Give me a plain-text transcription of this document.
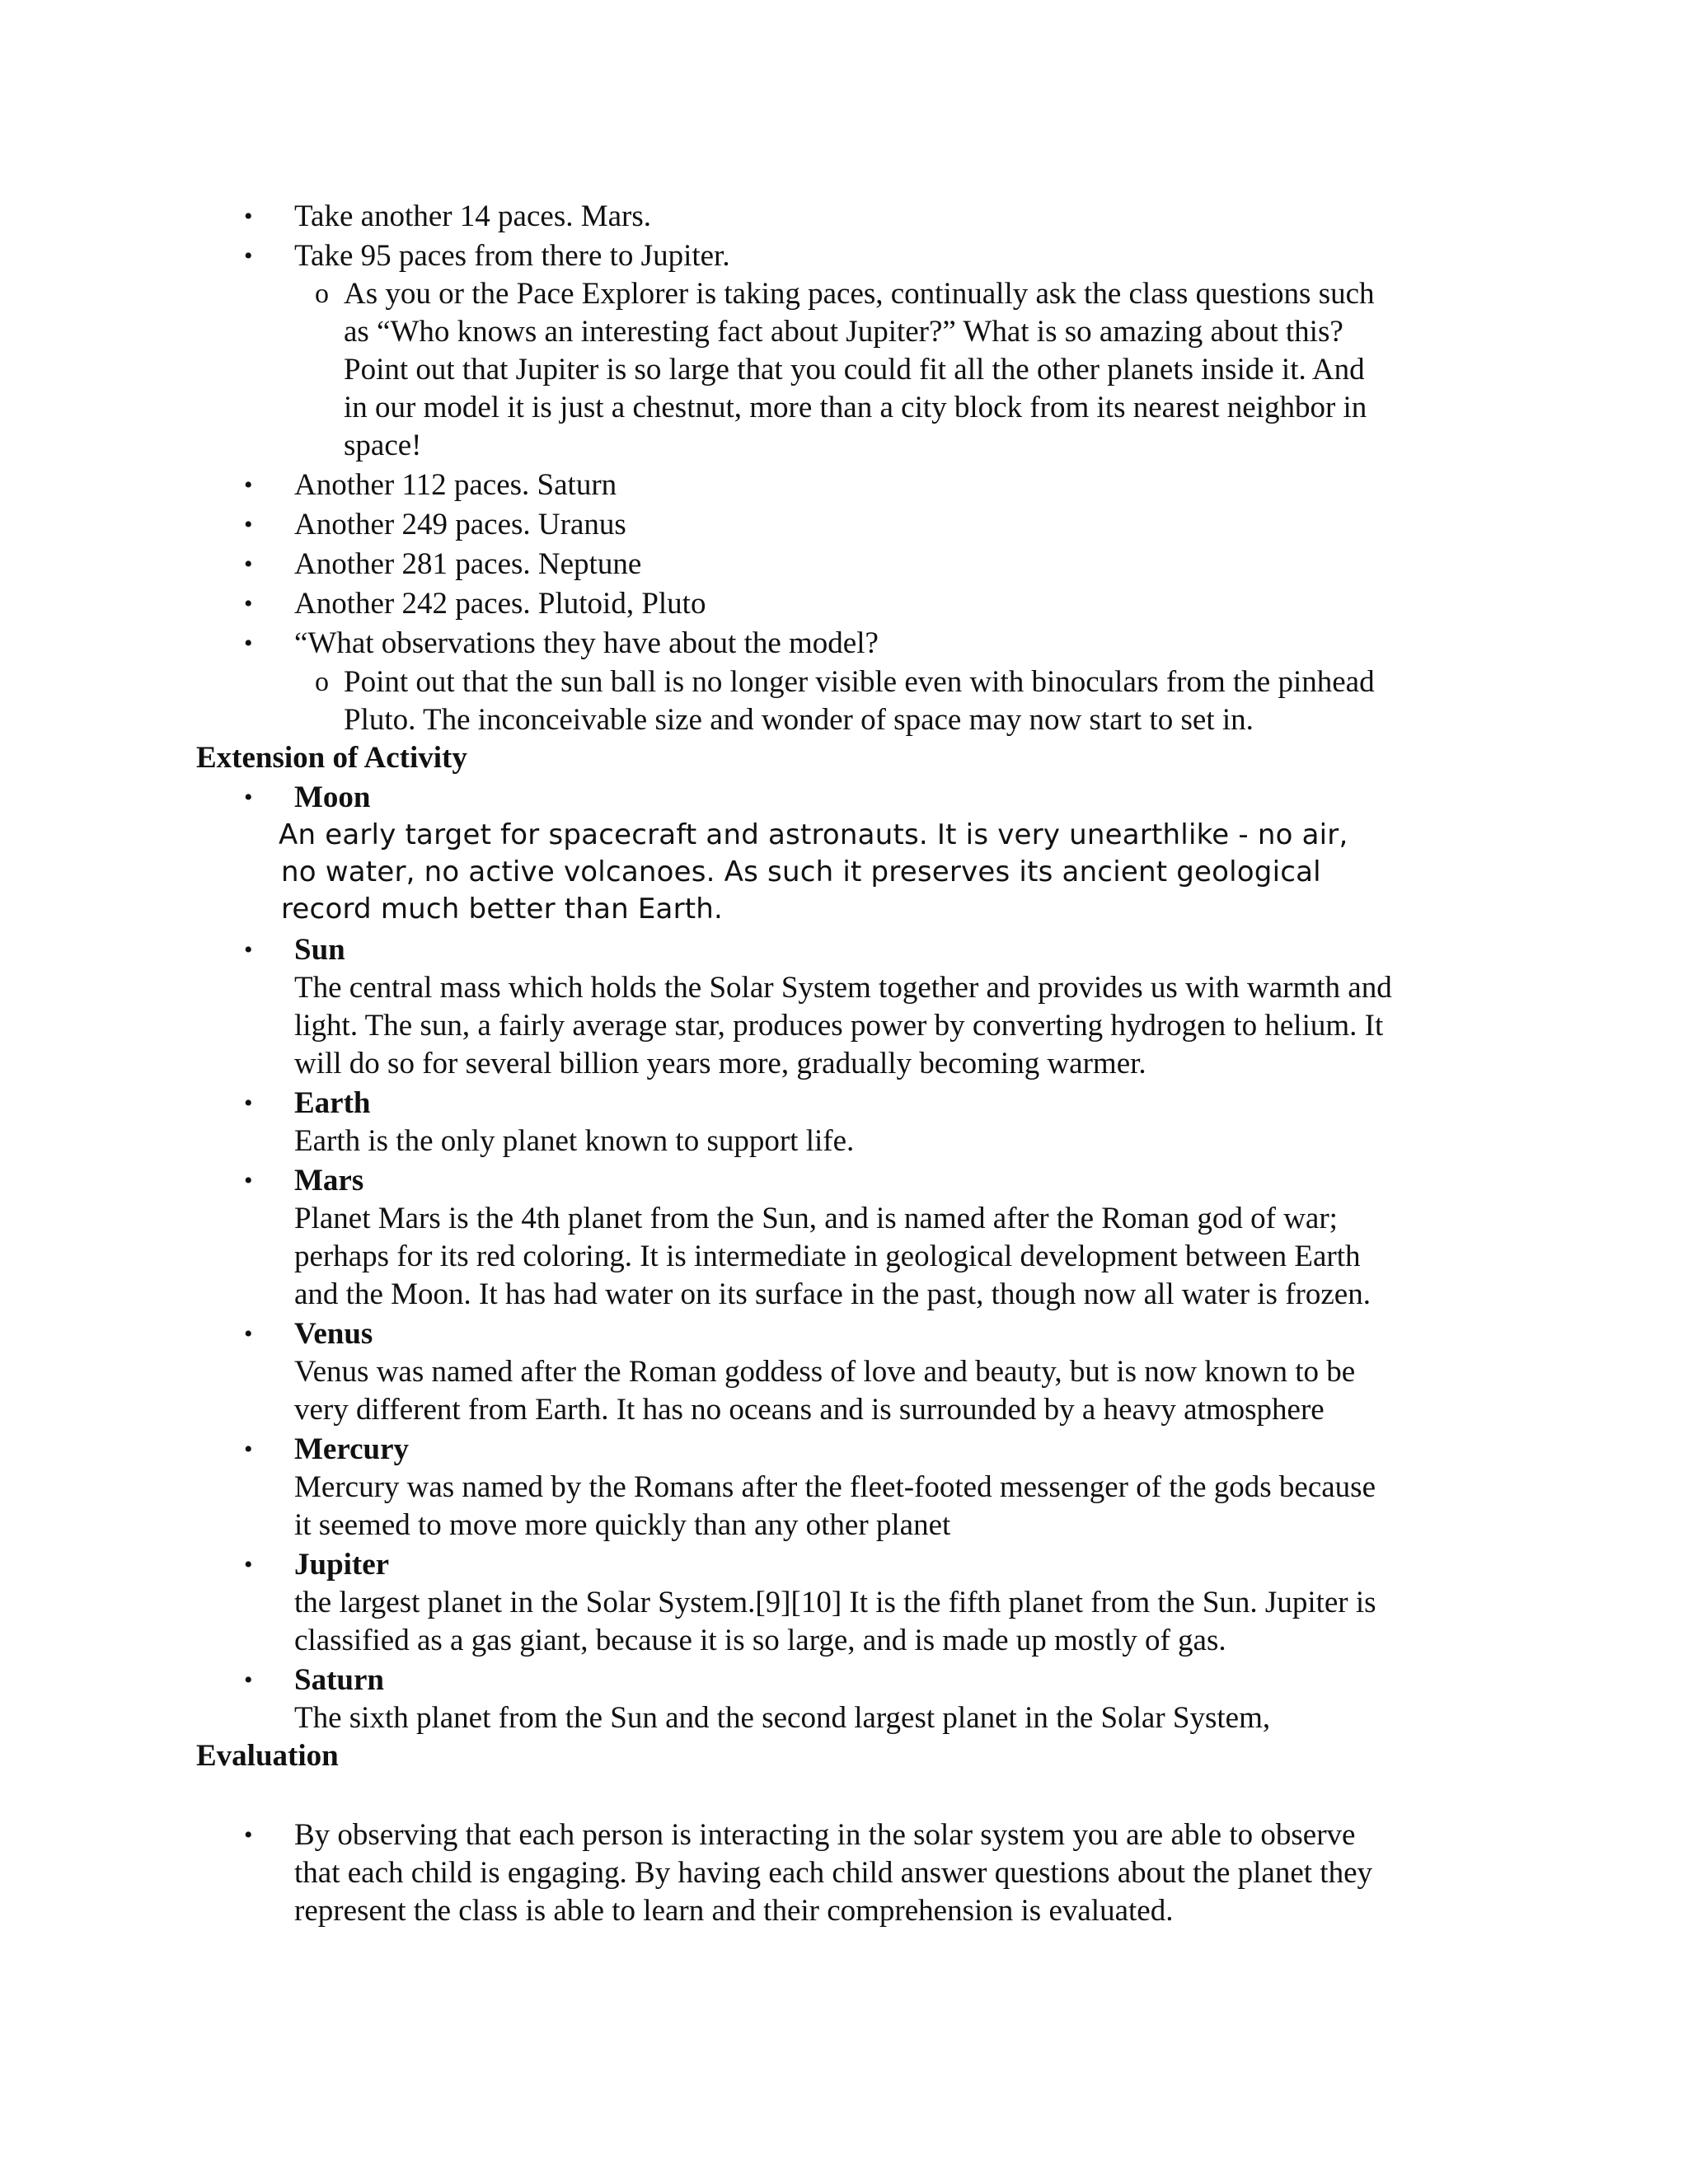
• Take another 14 paces. Mars.
• Take 95 paces from there to Jupiter.
o As you or the Pace Explorer is taking paces, continually ask the class questions such
as “Who knows an interesting fact about Jupiter?” What is so amazing about this?
Point out that Jupiter is so large that you could fit all the other planets inside it. And
in our model it is just a chestnut, more than a city block from its nearest neighbor in
space!
• Another 112 paces. Saturn
• Another 249 paces. Uranus
• Another 281 paces. Neptune
• Another 242 paces. Plutoid, Pluto
• “What observations they have about the model?
o Point out that the sun ball is no longer visible even with binoculars from the pinhead
Pluto. The inconceivable size and wonder of space may now start to set in.
Extension of Activity
• Moon
An early target for spacecraft and astronauts. It is very unearthlike - no air,
no water, no active volcanoes. As such it preserves its ancient geological
record much better than Earth.
• Sun
The central mass which holds the Solar System together and provides us with warmth and
light. The sun, a fairly average star, produces power by converting hydrogen to helium. It
will do so for several billion years more, gradually becoming warmer.
• Earth
Earth is the only planet known to support life.
• Mars
Planet Mars is the 4th planet from the Sun, and is named after the Roman god of war;
perhaps for its red coloring. It is intermediate in geological development between Earth
and the Moon. It has had water on its surface in the past, though now all water is frozen.
• Venus
Venus was named after the Roman goddess of love and beauty, but is now known to be
very different from Earth. It has no oceans and is surrounded by a heavy atmosphere
• Mercury
Mercury was named by the Romans after the fleet-footed messenger of the gods because
it seemed to move more quickly than any other planet
• Jupiter
the largest planet in the Solar System.[9][10] It is the fifth planet from the Sun. Jupiter is
classified as a gas giant, because it is so large, and is made up mostly of gas.
• Saturn
The sixth planet from the Sun and the second largest planet in the Solar System,
Evaluation
• By observing that each person is interacting in the solar system you are able to observe
that each child is engaging. By having each child answer questions about the planet they
represent the class is able to learn and their comprehension is evaluated.
